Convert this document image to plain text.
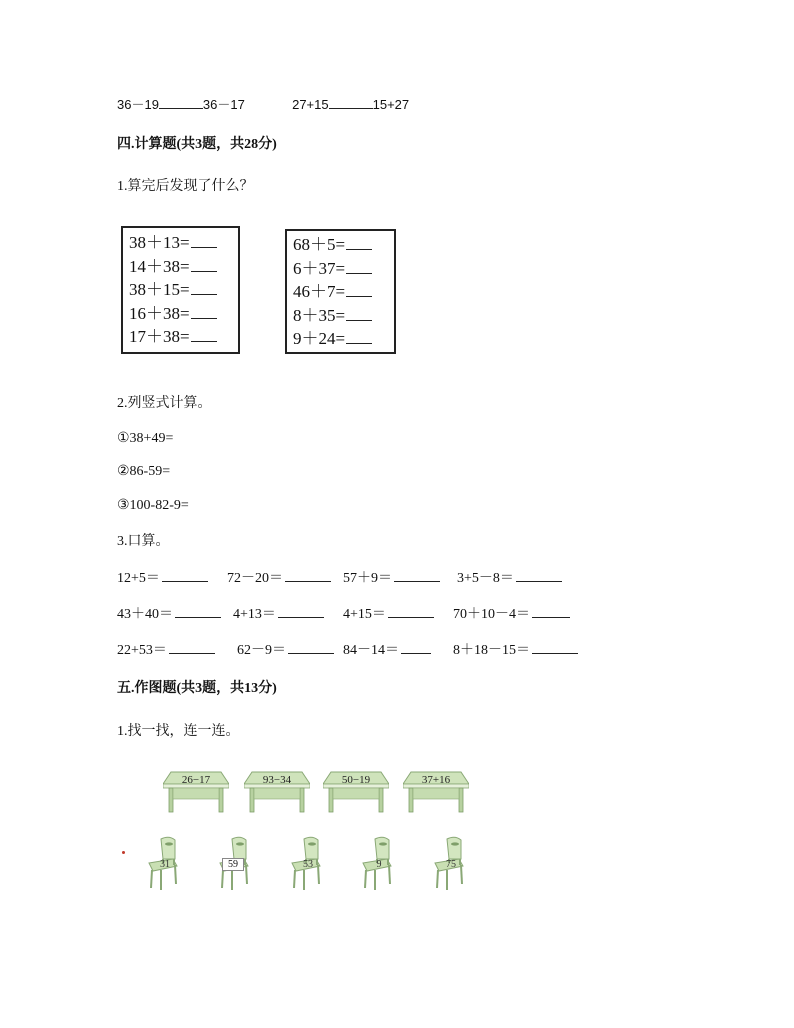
36－19	36－17	27+15	15+27
四.计算题(共3题，共28分)
1.算完后发现了什么？
38＋13=
14＋38=
38＋15=
16＋38=
17＋38=
68＋5=
6＋37=
46＋7=
8＋35=
9＋24=
2.列竖式计算。
①38+49=
②86-59=
③100-82-9=
3.口算。
12+5＝	72－20＝	57＋9＝	3+5－8＝
43＋40＝	4+13＝	4+15＝	70＋10－4＝
22+53＝	62－9＝	84－14＝	8＋18－15＝
五.作图题(共3题，共13分)
1.找一找，连一连。
26−17	93−34	50−19	37+16
31	59	53	9	75
